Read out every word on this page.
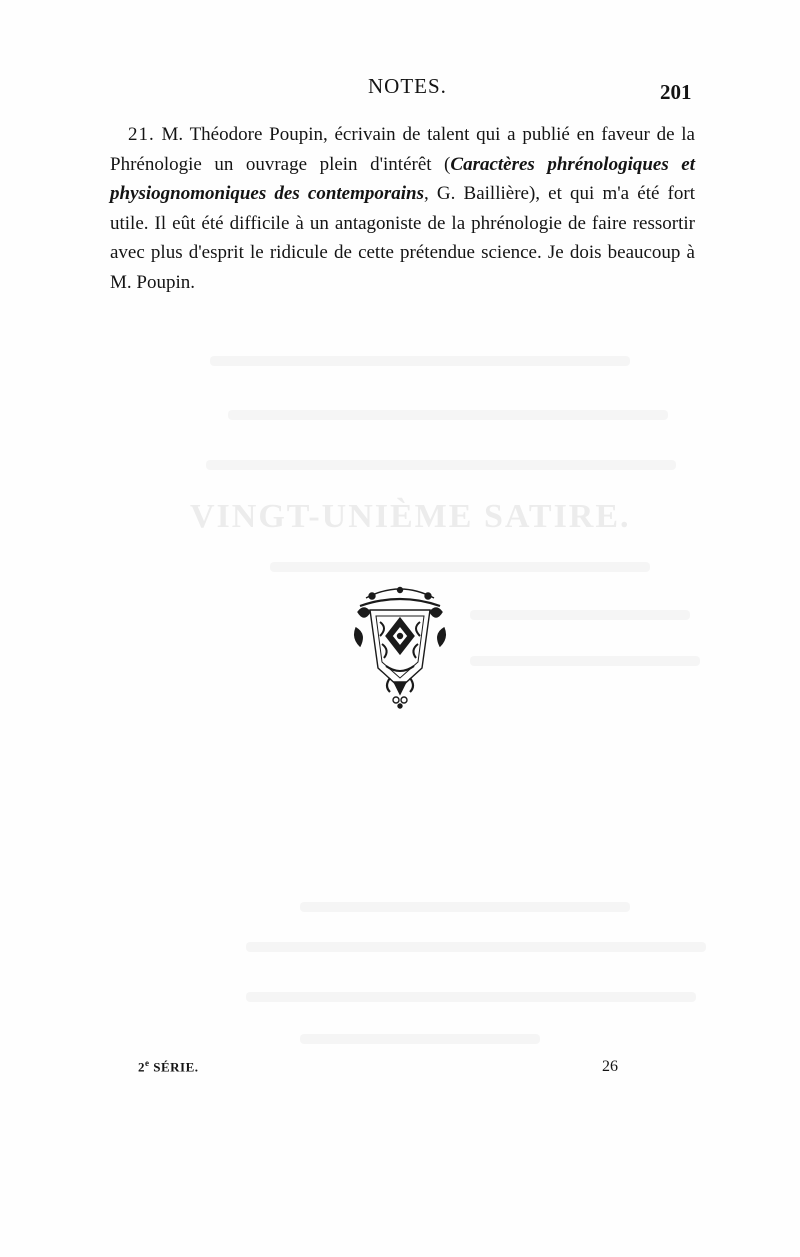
NOTES.	201

21. M. Théodore Poupin, écrivain de talent qui a publié en faveur de la Phrénologie un ouvrage plein d'intérêt (Caractères phrénologiques et physiognomoniques des contemporains, G. Baillière), et qui m'a été fort utile. Il eût été difficile à un antagoniste de la phrénologie de faire ressortir avec plus d'esprit le ridicule de cette prétendue science. Je dois beaucoup à M. Poupin.

VINGT-UNIÈME SATIRE.
2e SÉRIE.	26
